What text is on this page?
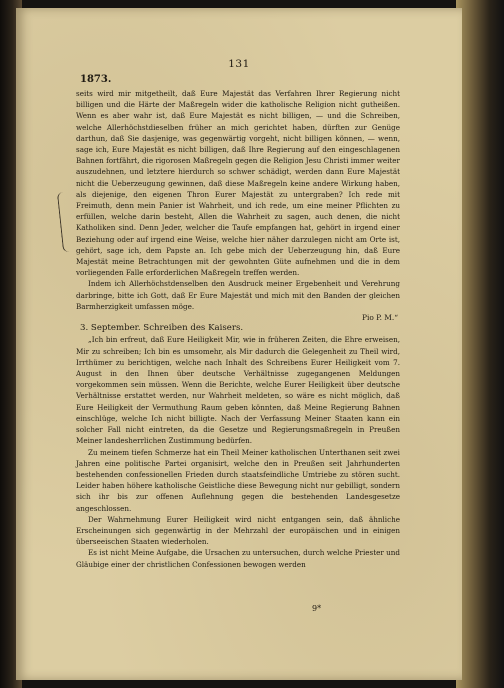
131
1873.

seits wird mir mitgetheilt, daß Eure Majestät das Verfahren Ihrer Regierung nicht billigen und die Härte der Maßregeln wider die katholische Religion nicht gutheißen. Wenn es aber wahr ist, daß Eure Majestät es nicht billigen, — und die Schreiben, welche Allerhöchstdieselben früher an mich gerichtet haben, dürften zur Genüge darthun, daß Sie dasjenige, was gegenwärtig vorgeht, nicht billigen können, — wenn, sage ich, Eure Majestät es nicht billigen, daß Ihre Regierung auf den eingeschlagenen Bahnen fortfährt, die rigorosen Maßregeln gegen die Religion Jesu Christi immer weiter auszudehnen, und letztere hierdurch so schwer schädigt, werden dann Eure Majestät nicht die Ueberzeugung gewinnen, daß diese Maßregeln keine andere Wirkung haben, als diejenige, den eigenen Thron Eurer Majestät zu untergraben? Ich rede mit Freimuth, denn mein Panier ist Wahrheit, und ich rede, um eine meiner Pflichten zu erfüllen, welche darin besteht, Allen die Wahrheit zu sagen, auch denen, die nicht Katholiken sind. Denn Jeder, welcher die Taufe empfangen hat, gehört in irgend einer Beziehung oder auf irgend eine Weise, welche hier näher darzulegen nicht am Orte ist, gehört, sage ich, dem Papste an. Ich gebe mich der Ueberzeugung hin, daß Eure Majestät meine Betrachtungen mit der gewohnten Güte aufnehmen und die in dem vorliegenden Falle erforderlichen Maßregeln treffen werden.

Indem ich Allerhöchstdenselben den Ausdruck meiner Ergebenheit und Verehrung darbringe, bitte ich Gott, daß Er Eure Majestät und mich mit den Banden der gleichen Barmherzigkeit umfassen möge.

Pio P. M.“

3. September. Schreiben des Kaisers.

„Ich bin erfreut, daß Eure Heiligkeit Mir, wie in früheren Zeiten, die Ehre erweisen, Mir zu schreiben; Ich bin es umsomehr, als Mir dadurch die Gelegenheit zu Theil wird, Irrthümer zu berichtigen, welche nach Inhalt des Schreibens Eurer Heiligkeit vom 7. August in den Ihnen über deutsche Verhältnisse zugegangenen Meldungen vorgekommen sein müssen. Wenn die Berichte, welche Eurer Heiligkeit über deutsche Verhältnisse erstattet werden, nur Wahrheit meldeten, so wäre es nicht möglich, daß Eure Heiligkeit der Vermuthung Raum geben könnten, daß Meine Regierung Bahnen einschlüge, welche Ich nicht billigte. Nach der Verfassung Meiner Staaten kann ein solcher Fall nicht eintreten, da die Gesetze und Regierungsmaßregeln in Preußen Meiner landesherrlichen Zustimmung bedürfen.

Zu meinem tiefen Schmerze hat ein Theil Meiner katholischen Unterthanen seit zwei Jahren eine politische Partei organisirt, welche den in Preußen seit Jahrhunderten bestehenden confessionellen Frieden durch staatsfeindliche Umtriebe zu stören sucht. Leider haben höhere katholische Geistliche diese Bewegung nicht nur gebilligt, sondern sich ihr bis zur offenen Auflehnung gegen die bestehenden Landesgesetze angeschlossen.

Der Wahrnehmung Eurer Heiligkeit wird nicht entgangen sein, daß ähnliche Erscheinungen sich gegenwärtig in der Mehrzahl der europäischen und in einigen überseeischen Staaten wiederholen.

Es ist nicht Meine Aufgabe, die Ursachen zu untersuchen, durch welche Priester und Gläubige einer der christlichen Confessionen bewogen werden

9*
